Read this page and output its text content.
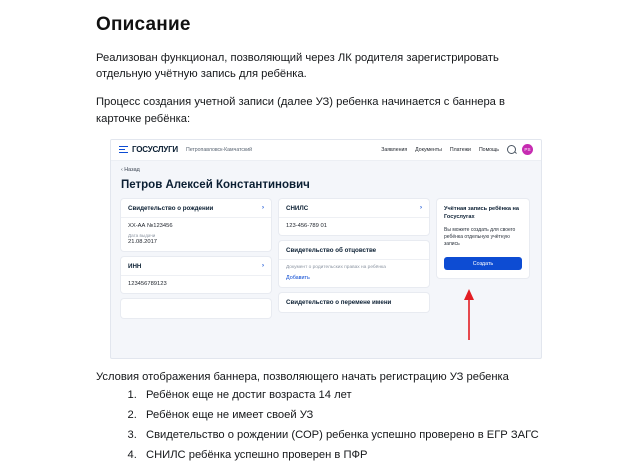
Описание

Реализован функционал, позволяющий через ЛК родителя зарегистрировать отдельную учётную запись для ребёнка.

Процесс создания учетной записи (далее УЗ) ребенка начинается с баннера в карточке ребёнка:

ГОСУСЛУГИ Петропавловск-Камчатский	Заявления Документы Платежи Помощь	PS
‹ Назад
Петров Алексей Константинович
Свидетельство о рождении	›
XX-АА №123456
Дата выдачи
21.08.2017
ИНН	›
123456789123
СНИЛС	›
123-456-789 01
Свидетельство об отцовстве
Документ о родительских правах на ребёнка
Добавить
Свидетельство о перемене имени
Учётная запись ребёнка на Госуслугах
Вы можете создать для своего ребёнка отдельную учётную запись
Создать
Условия отображения баннера, позволяющего начать регистрацию УЗ ребенка
1. Ребёнок еще не достиг возраста 14 лет
2. Ребёнок еще не имеет своей УЗ
3. Свидетельство о рождении (СОР) ребенка успешно проверено в ЕГР ЗАГС
4. СНИЛС ребёнка успешно проверен в ПФР
